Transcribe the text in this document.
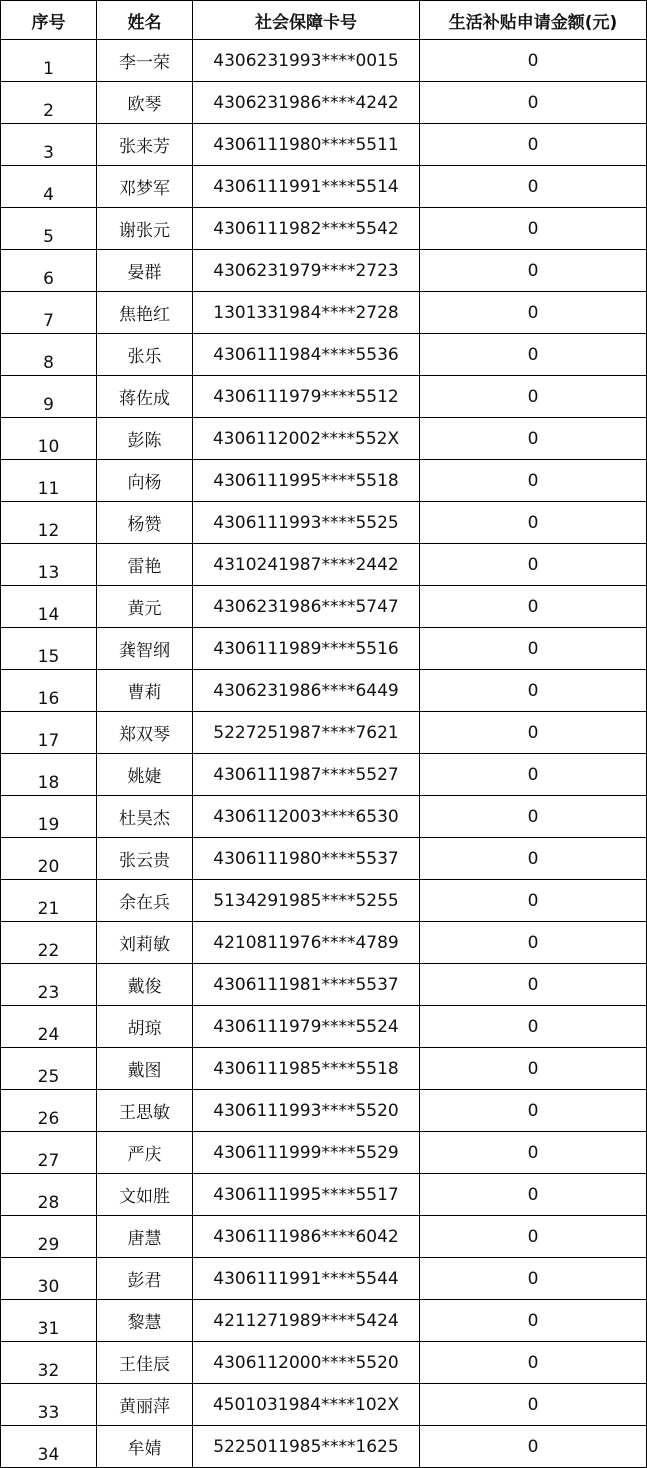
序号	姓名	社会保障卡号	生活补贴申请金额(元)
1	李一荣	4306231993****0015	0
2	欧琴	4306231986****4242	0
3	张来芳	4306111980****5511	0
4	邓梦军	4306111991****5514	0
5	谢张元	4306111982****5542	0
6	晏群	4306231979****2723	0
7	焦艳红	1301331984****2728	0
8	张乐	4306111984****5536	0
9	蒋佐成	4306111979****5512	0
10	彭陈	4306112002****552X	0
11	向杨	4306111995****5518	0
12	杨赞	4306111993****5525	0
13	雷艳	4310241987****2442	0
14	黄元	4306231986****5747	0
15	龚智纲	4306111989****5516	0
16	曹莉	4306231986****6449	0
17	郑双琴	5227251987****7621	0
18	姚婕	4306111987****5527	0
19	杜昊杰	4306112003****6530	0
20	张云贵	4306111980****5537	0
21	余在兵	5134291985****5255	0
22	刘莉敏	4210811976****4789	0
23	戴俊	4306111981****5537	0
24	胡琼	4306111979****5524	0
25	戴图	4306111985****5518	0
26	王思敏	4306111993****5520	0
27	严庆	4306111999****5529	0
28	文如胜	4306111995****5517	0
29	唐慧	4306111986****6042	0
30	彭君	4306111991****5544	0
31	黎慧	4211271989****5424	0
32	王佳辰	4306112000****5520	0
33	黄丽萍	4501031984****102X	0
34	牟婧	5225011985****1625	0
